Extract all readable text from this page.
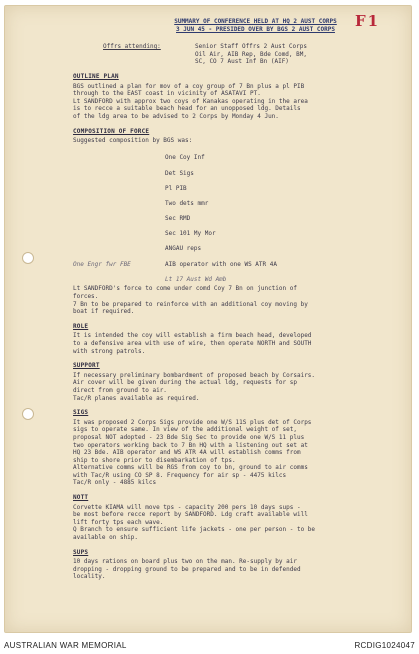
F1
SUMMARY OF CONFERENCE HELD AT HQ 2 AUST CORPS
3 JUN 45 - PRESIDED OVER BY BGS 2 AUST CORPS
Offrs attending:	Senior Staff Offrs 2 Aust Corps
Oil Air, AIB Rep, Bde Comd, BM,
SC, CO 7 Aust Inf Bn (AIF)
OUTLINE PLAN
BGS outlined a plan for mov of a coy group of 7 Bn plus a pl PIB
through to the EAST coast in vicinity of ASATAVI PT.
Lt SANDFORD with approx two coys of Kanakas operating in the area
is to recce a suitable beach head for an unopposed ldg. Details
of the ldg area to be advised to 2 Corps by Monday 4 Jun.
COMPOSITION OF FORCE
Suggested composition by BGS was:

One Coy Inf

Det Sigs

Pl PIB

Two dets mmr

Sec RMD

Sec 101 My Mor

ANGAU reps

One Engr fwr FBE	AIB operator with one WS ATR 4A

Lt 17 Aust Wd Amb
Lt SANDFORD's force to come under comd Coy 7 Bn on junction of
forces.
7 Bn to be prepared to reinforce with an additional coy moving by
boat if required.
ROLE
It is intended the coy will establish a firm beach head, developed
to a defensive area with use of wire, then operate NORTH and SOUTH
with strong patrols.
SUPPORT
If necessary preliminary bombardment of proposed beach by Corsairs.
Air cover will be given during the actual ldg, requests for sp
direct from ground to air.
Tac/R planes available as required.
SIGS
It was proposed 2 Corps Sigs provide one W/S 11S plus det of Corps
sigs to operate same. In view of the additional weight of set,
proposal NOT adopted - 23 Bde Sig Sec to provide one W/S 11 plus
two operators working back to 7 Bn HQ with a listening out set at
HQ 23 Bde. AIB operator and WS ATR 4A will establish comms from
ship to shore prior to disembarkation of tps.
Alternative comms will be RGS from coy to bn, ground to air comms
with Tac/R using CO SP 8. Frequency for air sp - 4475 kilcs
Tac/R only - 4885 kilcs
NOTT
Corvette KIAMA will move tps - capacity 200 pers 10 days sups -
be most before recce report by SANDFORD. Ldg craft available will
lift forty tps each wave.
Q Branch to ensure sufficient life jackets - one per person - to be
available on ship.
SUPS
10 days rations on board plus two on the man. Re-supply by air
dropping - dropping ground to be prepared and to be in defended
locality.
AUSTRALIAN WAR MEMORIAL	RCDIG1024047
